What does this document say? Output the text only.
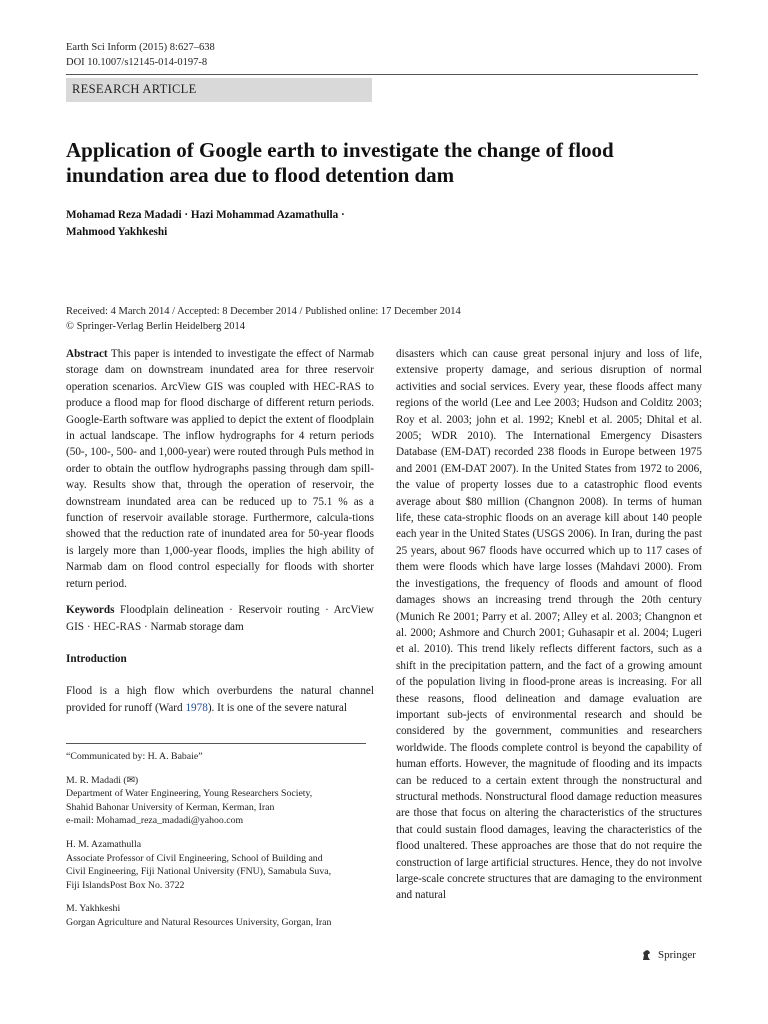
Earth Sci Inform (2015) 8:627–638
DOI 10.1007/s12145-014-0197-8
RESEARCH ARTICLE
Application of Google earth to investigate the change of flood inundation area due to flood detention dam
Mohamad Reza Madadi · Hazi Mohammad Azamathulla ·
Mahmood Yakhkeshi
Received: 4 March 2014 / Accepted: 8 December 2014 / Published online: 17 December 2014
© Springer-Verlag Berlin Heidelberg 2014

Abstract This paper is intended to investigate the effect of Narmab storage dam on downstream inundated area for three reservoir operation scenarios. ArcView GIS was coupled with HEC-RAS to produce a flood map for flood discharge of different return periods. Google-Earth software was applied to depict the extent of floodplain in actual landscape. The inflow hydrographs for 4 return periods (50-, 100-, 500- and 1,000-year) were routed through Puls method in order to obtain the outflow hydrographs passing through dam spill-way. Results show that, through the operation of reservoir, the downstream inundated area can be reduced up to 75.1 % as a function of reservoir available storage. Furthermore, calcula-tions showed that the reduction rate of inundated area for 50-year floods is largely more than 1,000-year floods, implies the high ability of Narmab dam on flood control especially for floods with shorter return period.

Keywords Floodplain delineation · Reservoir routing · ArcView GIS · HEC-RAS · Narmab storage dam

Introduction

Flood is a high flow which overburdens the natural channel provided for runoff (Ward 1978). It is one of the severe natural

“Communicated by: H. A. Babaie”

M. R. Madadi (✉)

Department of Water Engineering, Young Researchers Society,

Shahid Bahonar University of Kerman, Kerman, Iran

e-mail: Mohamad_reza_madadi@yahoo.com

H. M. Azamathulla

Associate Professor of Civil Engineering, School of Building and

Civil Engineering, Fiji National University (FNU), Samabula Suva,

Fiji IslandsPost Box No. 3722

M. Yakhkeshi

Gorgan Agriculture and Natural Resources University, Gorgan, Iran

disasters which can cause great personal injury and loss of life, extensive property damage, and serious disruption of normal activities and social services. Every year, these floods affect many regions of the world (Lee and Lee 2003; Hudson and Colditz 2003; Roy et al. 2003; john et al. 1992; Knebl et al. 2005; Dhital et al. 2005; WDR 2010). The International Emergency Disasters Database (EM-DAT) recorded 238 floods in Europe between 1975 and 2001 (EM-DAT 2007). In the United States from 1972 to 2006, the value of property losses due to a catastrophic flood events average about $80 million (Changnon 2008). In terms of human life, these cata-strophic floods on an average kill about 140 people each year in the United States (USGS 2006). In Iran, during the past 25 years, about 967 floods have occurred which up to 117 cases of them were floods which have large losses (Mahdavi 2000). From the investigations, the frequency of floods and amount of flood damages shows an increasing trend through the 20th century (Munich Re 2001; Parry et al. 2007; Alley et al. 2003; Changnon et al. 2000; Ashmore and Church 2001; Guhasapir et al. 2004; Lugeri et al. 2010). This trend likely reflects different factors, such as a shift in the precipitation pattern, and the fact of a growing amount of the population living in flood-prone areas is increasing. For all these reasons, flood delineation and damage evaluation are important sub-jects of environmental research and should be considered by the government, communities and researchers worldwide. The floods complete control is beyond the capability of human efforts. However, the magnitude of flooding and its impacts can be reduced to a certain extent through the nonstructural and structural methods. Nonstructural flood damage reduction measures are those that focus on altering the characteristics of the structures that could sustain flood damages, leaving the characteristics of the flood unaltered. These approaches are those that do not require the construction of large artificial structures. Hence, they do not involve large-scale concrete structures that are damaging to the environment and natural

Springer
